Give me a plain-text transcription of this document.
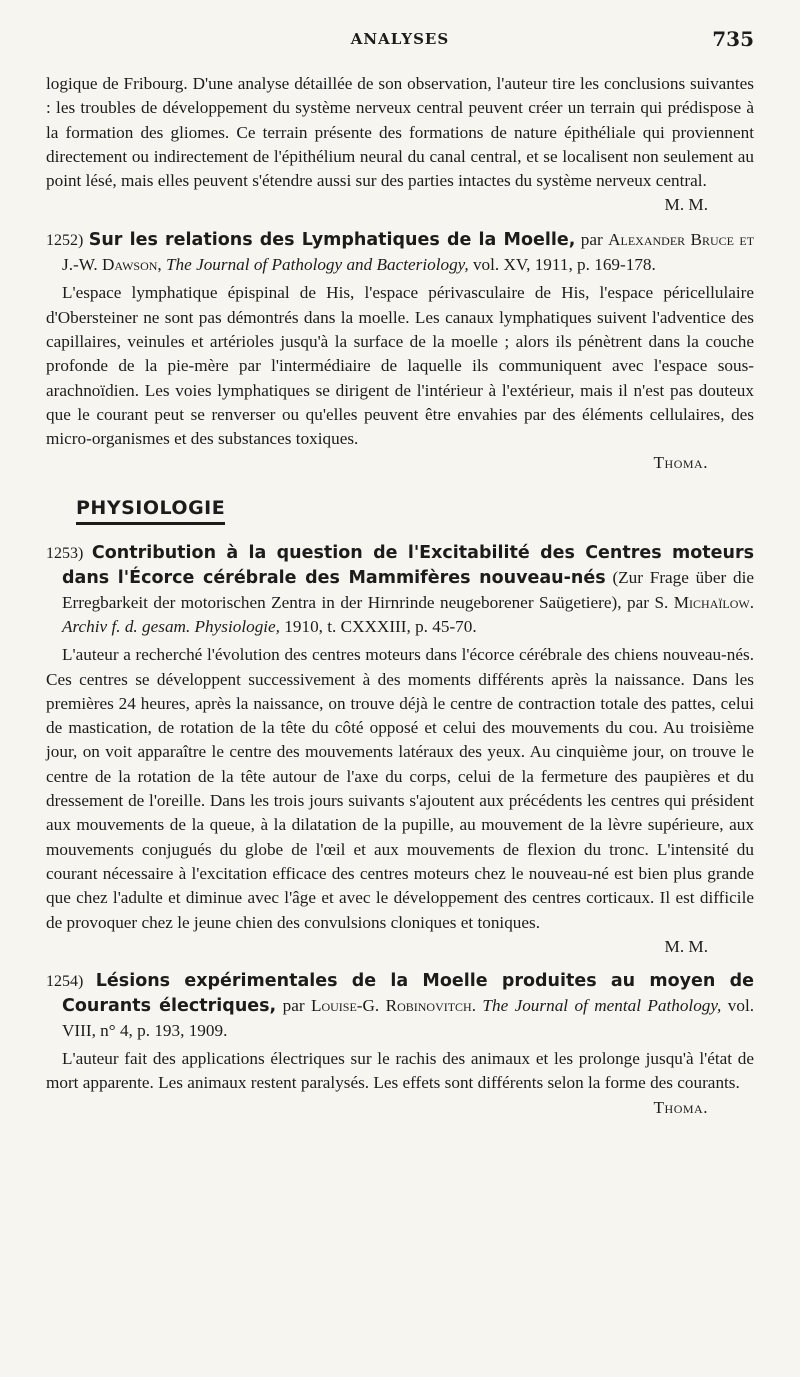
ANALYSES	735

logique de Fribourg. D'une analyse détaillée de son observation, l'auteur tire les conclusions suivantes : les troubles de développement du système nerveux central peuvent créer un terrain qui prédispose à la formation des gliomes. Ce terrain présente des formations de nature épithéliale qui proviennent directement ou indirectement de l'épithélium neural du canal central, et se localisent non seulement au point lésé, mais elles peuvent s'étendre aussi sur des parties intactes du système nerveux central.

M. M.

1252) Sur les relations des Lymphatiques de la Moelle, par Alexander Bruce et J.-W. Dawson, The Journal of Pathology and Bacteriology, vol. XV, 1911, p. 169-178.

L'espace lymphatique épispinal de His, l'espace périvasculaire de His, l'espace péricellulaire d'Obersteiner ne sont pas démontrés dans la moelle. Les canaux lymphatiques suivent l'adventice des capillaires, veinules et artérioles jusqu'à la surface de la moelle ; alors ils pénètrent dans la couche profonde de la pie-mère par l'intermédiaire de laquelle ils communiquent avec l'espace sous-arachnoïdien. Les voies lymphatiques se dirigent de l'intérieur à l'extérieur, mais il n'est pas douteux que le courant peut se renverser ou qu'elles peuvent être envahies par des éléments cellulaires, des micro-organismes et des substances toxiques.

Thoma.

PHYSIOLOGIE

1253) Contribution à la question de l'Excitabilité des Centres moteurs dans l'Écorce cérébrale des Mammifères nouveau-nés (Zur Frage über die Erregbarkeit der motorischen Zentra in der Hirnrinde neugeborener Saügetiere), par S. Michaïlow. Archiv f. d. gesam. Physiologie, 1910, t. CXXXIII, p. 45-70.

L'auteur a recherché l'évolution des centres moteurs dans l'écorce cérébrale des chiens nouveau-nés. Ces centres se développent successivement à des moments différents après la naissance. Dans les premières 24 heures, après la naissance, on trouve déjà le centre de contraction totale des pattes, celui de mastication, de rotation de la tête du côté opposé et celui des mouvements du cou. Au troisième jour, on voit apparaître le centre des mouvements latéraux des yeux. Au cinquième jour, on trouve le centre de la rotation de la tête autour de l'axe du corps, celui de la fermeture des paupières et du dressement de l'oreille. Dans les trois jours suivants s'ajoutent aux précédents les centres qui président aux mouvements de la queue, à la dilatation de la pupille, au mouvement de la lèvre supérieure, aux mouvements conjugués du globe de l'œil et aux mouvements de flexion du tronc. L'intensité du courant nécessaire à l'excitation efficace des centres moteurs chez le nouveau-né est bien plus grande que chez l'adulte et diminue avec l'âge et avec le développement des centres corticaux. Il est difficile de provoquer chez le jeune chien des convulsions cloniques et toniques.

M. M.

1254) Lésions expérimentales de la Moelle produites au moyen de Courants électriques, par Louise-G. Robinovitch. The Journal of mental Pathology, vol. VIII, n° 4, p. 193, 1909.

L'auteur fait des applications électriques sur le rachis des animaux et les prolonge jusqu'à l'état de mort apparente. Les animaux restent paralysés. Les effets sont différents selon la forme des courants.

Thoma.
